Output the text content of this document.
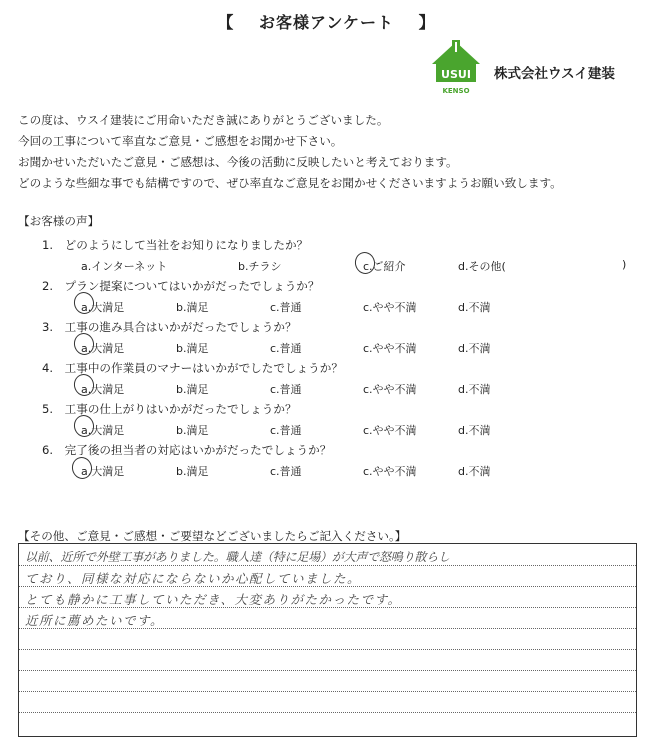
【 お客様アンケート 】
USUI
KENSO
株式会社ウスイ建装
この度は、ウスイ建装にご用命いただき誠にありがとうございました。
今回の工事について率直なご意見・ご感想をお聞かせ下さい。
お聞かせいただいたご意見・ご感想は、今後の活動に反映したいと考えております。
どのような些細な事でも結構ですので、ぜひ率直なご意見をお聞かせくださいますようお願い致します。
【お客様の声】
1.　どのようにして当社をお知りになりましたか？
a.インターネット	b.チラシ	c.ご紹介	d.その他(	)
2.　プラン提案についてはいかがだったでしょうか？
a.大満足	b.満足	c.普通	c.やや不満	d.不満
3.　工事の進み具合はいかがだったでしょうか？
a.大満足	b.満足	c.普通	c.やや不満	d.不満
4.　工事中の作業員のマナーはいかがでしたでしょうか？
a.大満足	b.満足	c.普通	c.やや不満	d.不満
5.　工事の仕上がりはいかがだったでしょうか？
a.大満足	b.満足	c.普通	c.やや不満	d.不満
6.　完了後の担当者の対応はいかがだったでしょうか？
a.大満足	b.満足	c.普通	c.やや不満	d.不満
【その他、ご意見・ご感想・ご要望などございましたらご記入ください。】
以前、近所で外壁工事がありました。職人達（特に足場）が大声で怒鳴り散らし
ており、同様な対応にならないか心配していました。
とても静かに工事していただき、大変ありがたかったです。
近所に薦めたいです。
